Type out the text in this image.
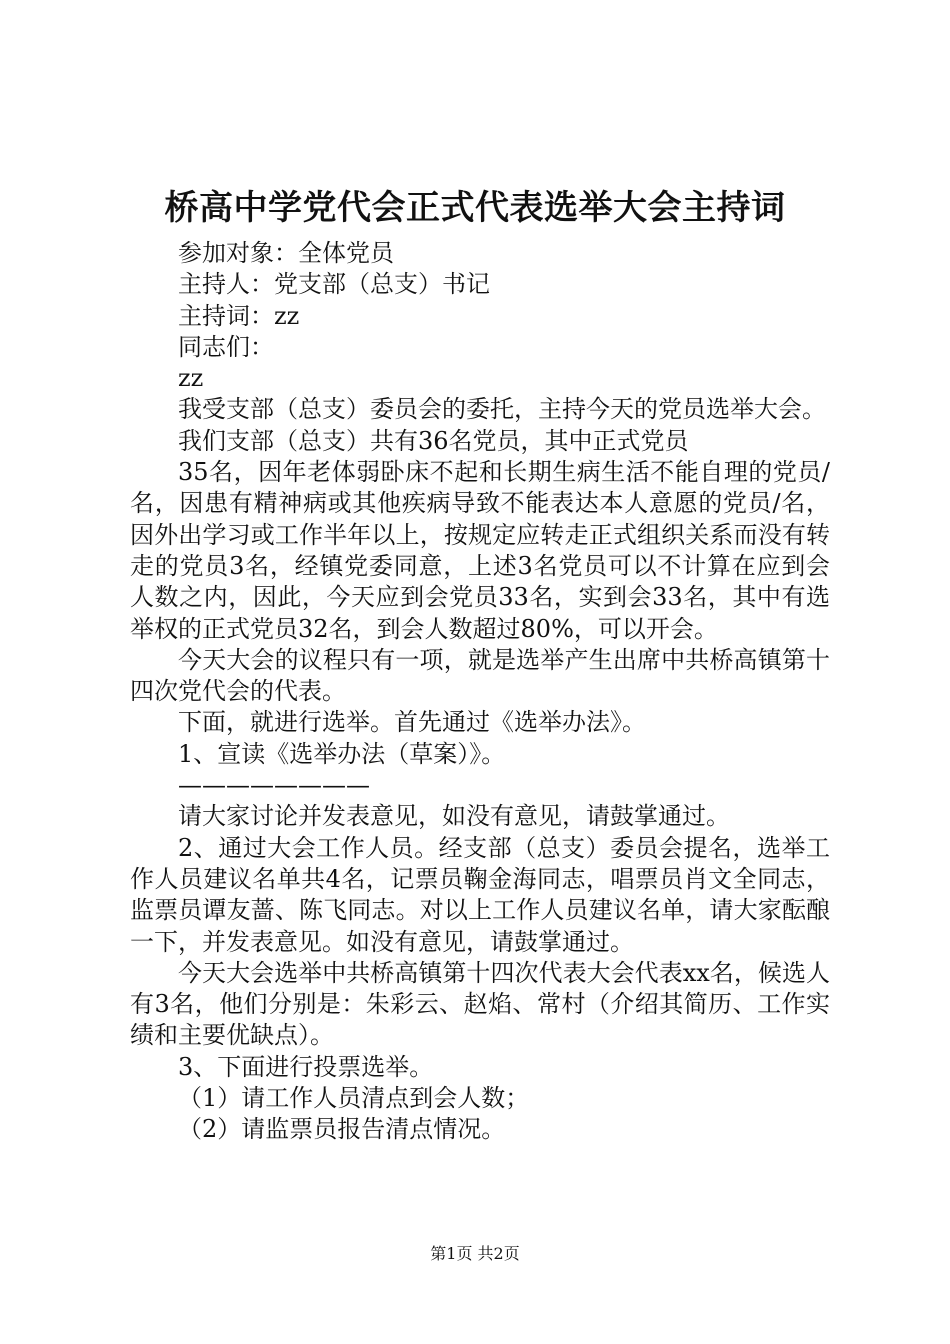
桥高中学党代会正式代表选举大会主持词

参加对象：全体党员

主持人：党支部（总支）书记

主持词：zz

同志们：

zz

我受支部（总支）委员会的委托，主持今天的党员选举大会。

我们支部（总支）共有36名党员，其中正式党员

35名，因年老体弱卧床不起和长期生病生活不能自理的党员/名，因患有精神病或其他疾病导致不能表达本人意愿的党员/名，因外出学习或工作半年以上，按规定应转走正式组织关系而没有转走的党员3名，经镇党委同意，上述3名党员可以不计算在应到会人数之内，因此，今天应到会党员33名，实到会33名，其中有选举权的正式党员32名，到会人数超过80%，可以开会。

今天大会的议程只有一项，就是选举产生出席中共桥高镇第十四次党代会的代表。

下面，就进行选举。首先通过《选举办法》。

1、宣读《选举办法（草案）》。

————————

请大家讨论并发表意见，如没有意见，请鼓掌通过。

2、通过大会工作人员。经支部（总支）委员会提名，选举工作人员建议名单共4名，记票员鞠金海同志，唱票员肖文全同志，监票员谭友蔷、陈飞同志。对以上工作人员建议名单，请大家酝酿一下，并发表意见。如没有意见，请鼓掌通过。

今天大会选举中共桥高镇第十四次代表大会代表xx名，候选人有3名，他们分别是：朱彩云、赵焰、常村（介绍其简历、工作实绩和主要优缺点）。

3、下面进行投票选举。

（1）请工作人员清点到会人数；

（2）请监票员报告清点情况。

第1页 共2页
